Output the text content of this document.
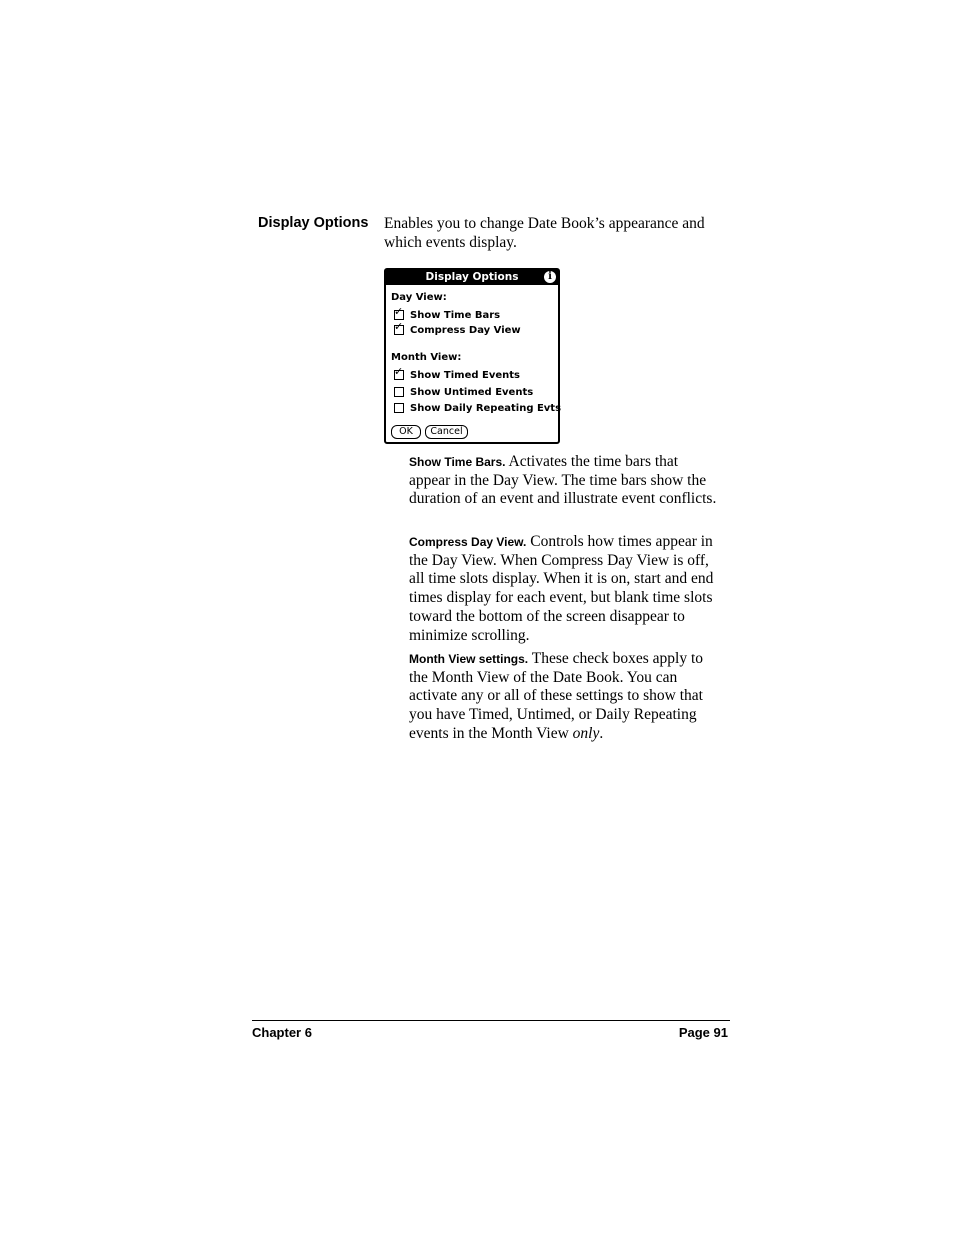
Display Options Enables you to change Date Book’s appearance and which events display.
Display Options	i
Day View:
✓ Show Time Bars
✓ Compress Day View
Month View:
✓ Show Timed Events
Show Untimed Events
Show Daily Repeating Evts
OK	Cancel
Show Time Bars. Activates the time bars that appear in the Day View. The time bars show the duration of an event and illustrate event conflicts.
Compress Day View. Controls how times appear in the Day View. When Compress Day View is off, all time slots display. When it is on, start and end times display for each event, but blank time slots toward the bottom of the screen disappear to minimize scrolling.
Month View settings. These check boxes apply to the Month View of the Date Book. You can activate any or all of these settings to show that you have Timed, Untimed, or Daily Repeating events in the Month View only.
Chapter 6	Page 91
